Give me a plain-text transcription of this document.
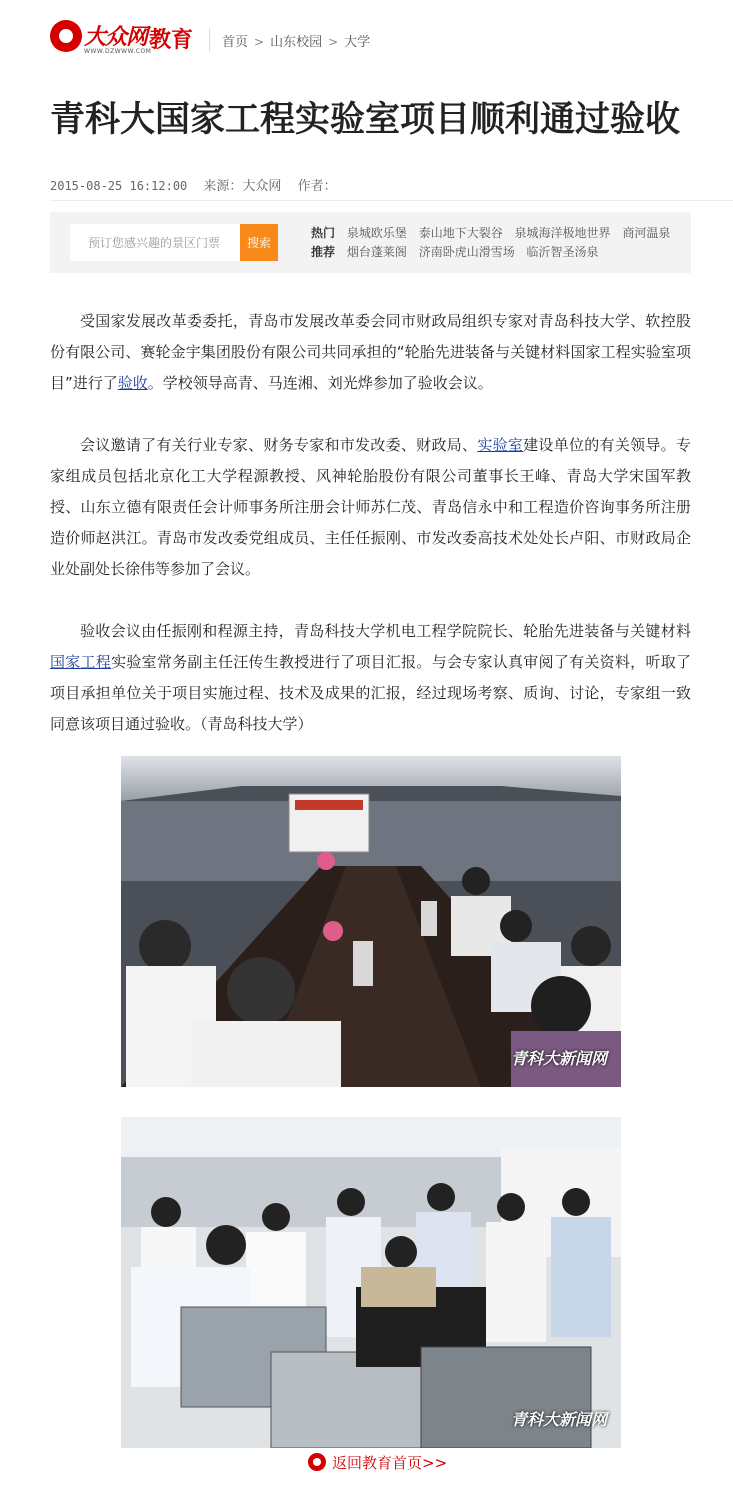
大众网
WWW.DZWWW.COM
教育 首页 > 山东校园 > 大学
青科大国家工程实验室项目顺利通过验收
2015-08-25 16:12:00 来源：大众网 作者：
预订您感兴趣的景区门票
搜索
热门 泉城欧乐堡 泰山地下大裂谷 泉城海洋极地世界 商河温泉
推荐 烟台蓬莱阁 济南卧虎山滑雪场 临沂智圣汤泉

受国家发展改革委委托，青岛市发展改革委会同市财政局组织专家对青岛科技大学、软控股份有限公司、赛轮金宇集团股份有限公司共同承担的“轮胎先进装备与关键材料国家工程实验室项目”进行了验收。学校领导高青、马连湘、刘光烨参加了验收会议。

会议邀请了有关行业专家、财务专家和市发改委、财政局、实验室建设单位的有关领导。专家组成员包括北京化工大学程源教授、风神轮胎股份有限公司董事长王峰、青岛大学宋国军教授、山东立德有限责任会计师事务所注册会计师苏仁茂、青岛信永中和工程造价咨询事务所注册造价师赵洪江。青岛市发改委党组成员、主任任振刚、市发改委高技术处处长卢阳、市财政局企业处副处长徐伟等参加了会议。

验收会议由任振刚和程源主持，青岛科技大学机电工程学院院长、轮胎先进装备与关键材料国家工程实验室常务副主任汪传生教授进行了项目汇报。与会专家认真审阅了有关资料，听取了项目承担单位关于项目实施过程、技术及成果的汇报，经过现场考察、质询、讨论，专家组一致同意该项目通过验收。（青岛科技大学）

青科大新闻网
青科大新闻网
返回教育首页>>
